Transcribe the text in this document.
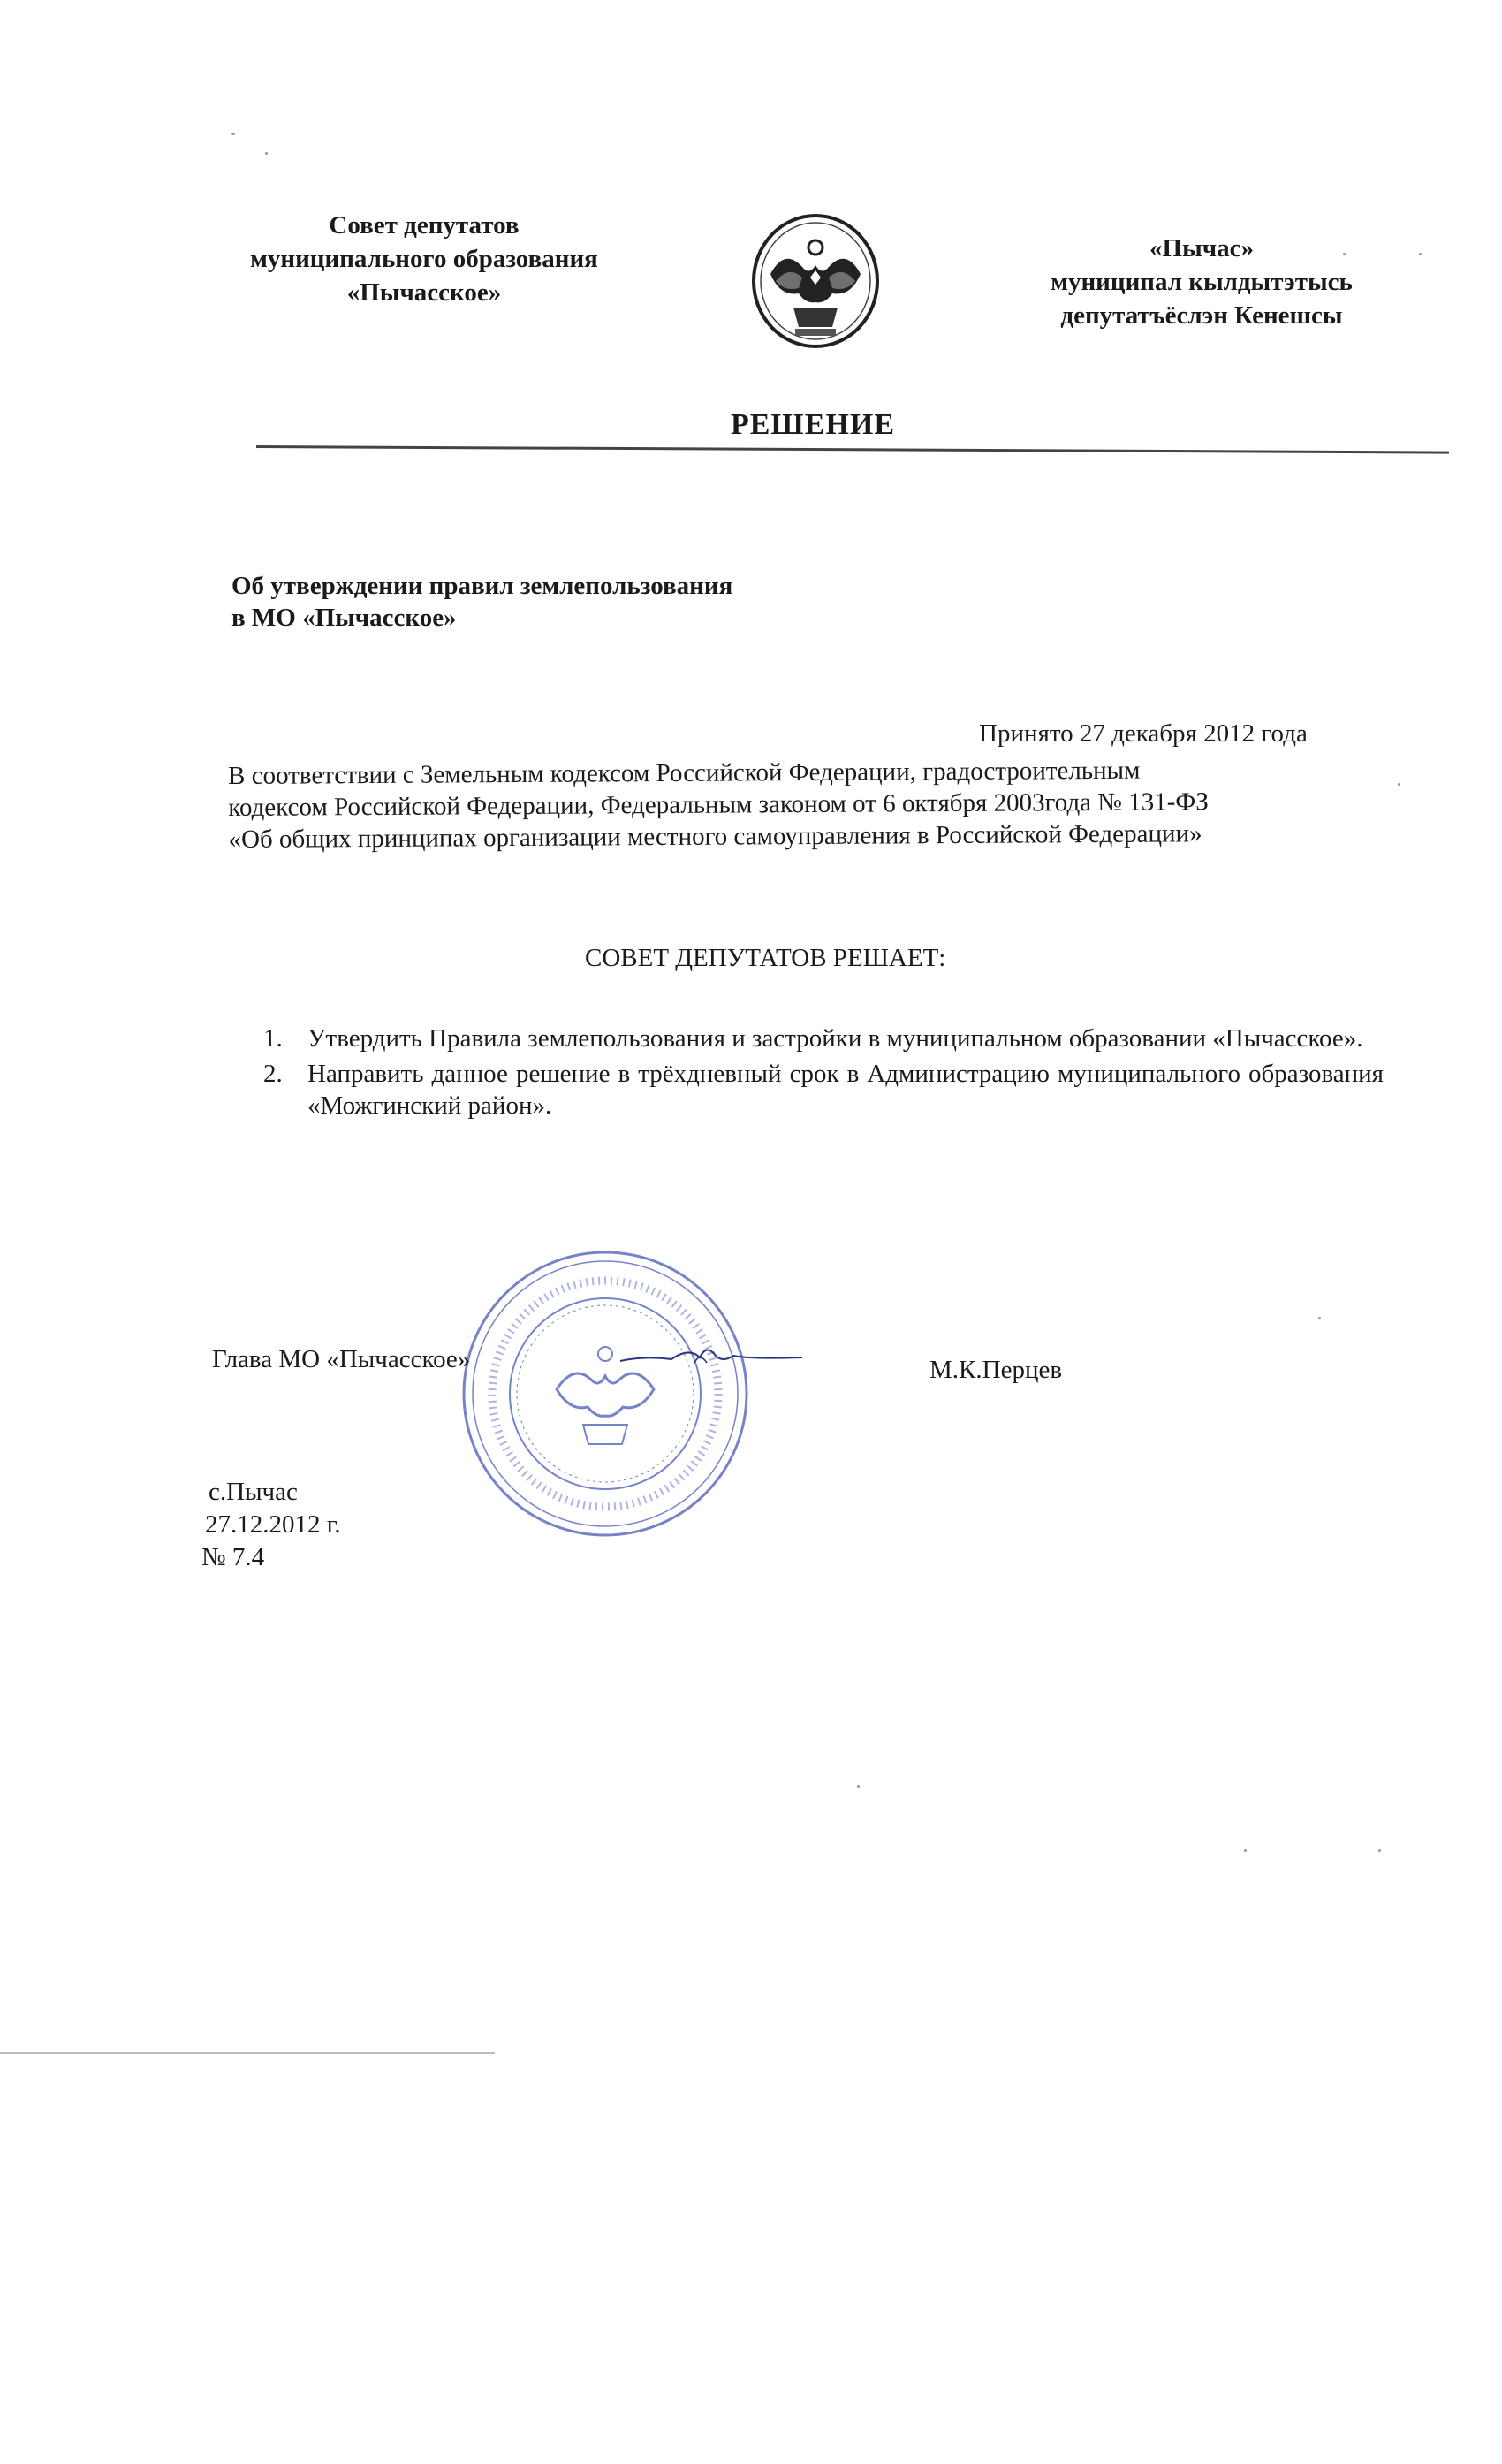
Совет депутатов
муниципального образования
«Пычасское»
«Пычас»
муниципал кылдытэтысь
депутатъёслэн Кенешсы
РЕШЕНИЕ
Об утверждении правил землепользования
в МО «Пычасское»
Принято 27 декабря 2012 года
В соответствии с Земельным кодексом Российской Федерации, градостроительным
кодексом Российской Федерации, Федеральным законом от 6 октября 2003года № 131-ФЗ
«Об общих принципах организации местного самоуправления в Российской Федерации»
СОВЕТ ДЕПУТАТОВ РЕШАЕТ:
1. Утвердить Правила землепользования и застройки в муниципальном образовании «Пычасское».
2. Направить данное решение в трёхдневный срок в Администрацию муниципального образования «Можгинский район».
Глава МО «Пычасское»	М.К.Перцев
с.Пычас
27.12.2012 г.
№ 7.4
